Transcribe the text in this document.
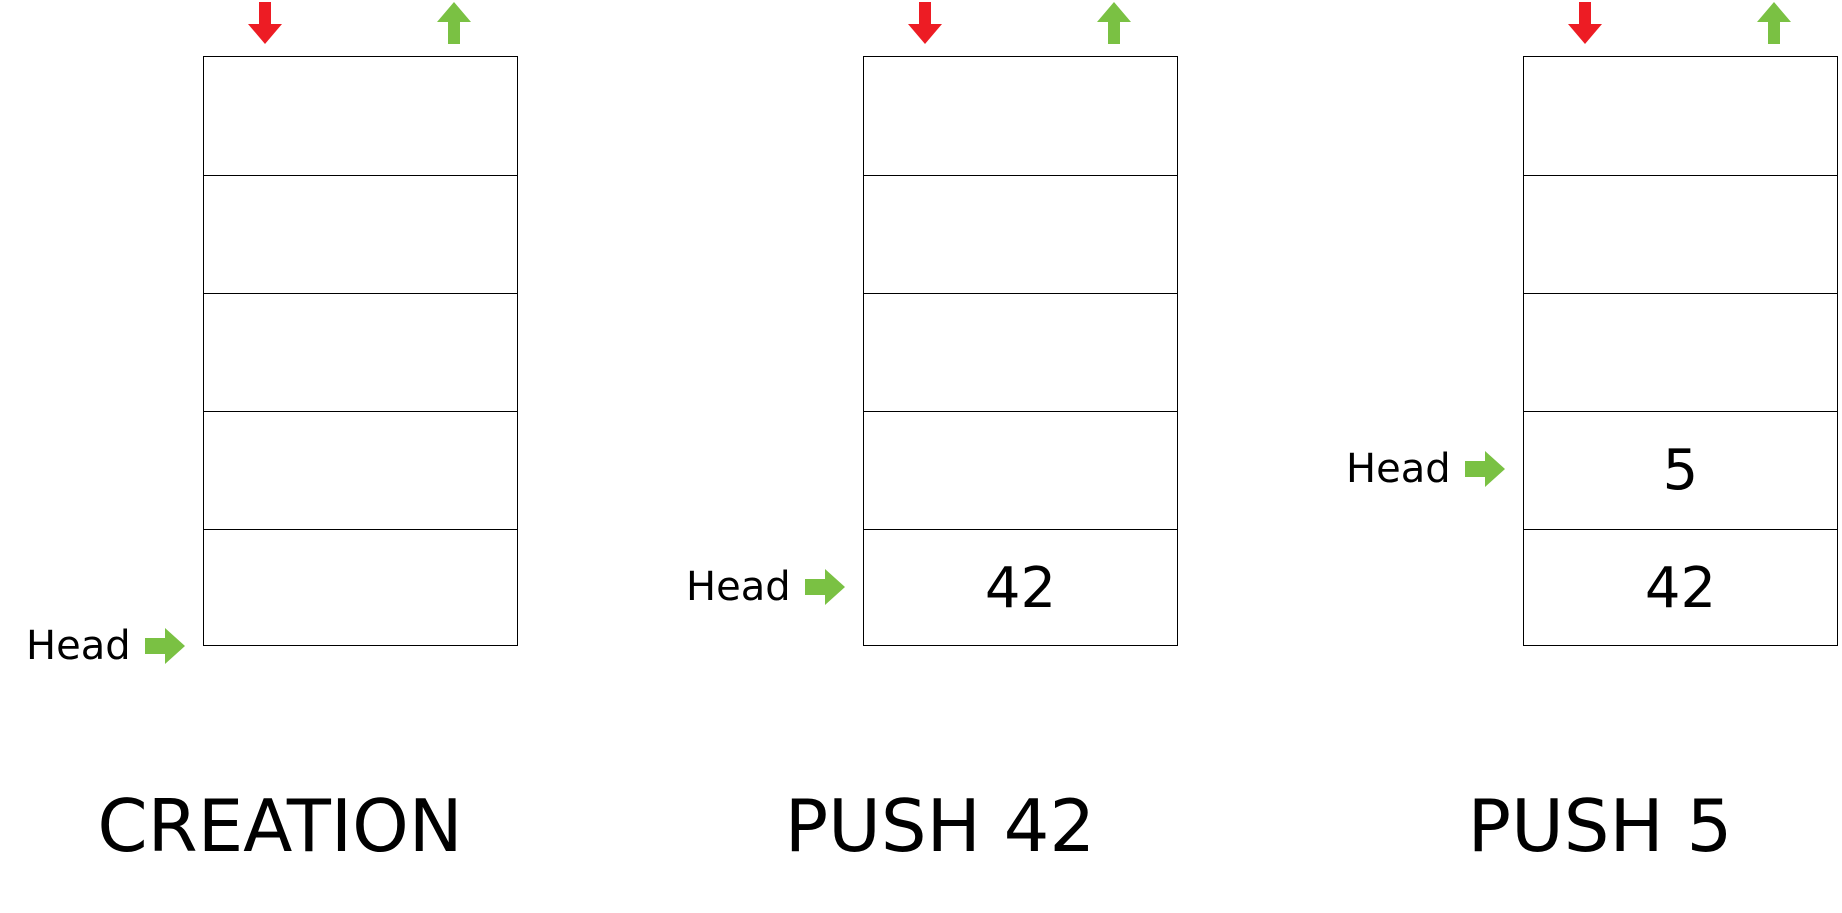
Head
CREATION
42
Head
PUSH 42
5
42
Head
PUSH 5
